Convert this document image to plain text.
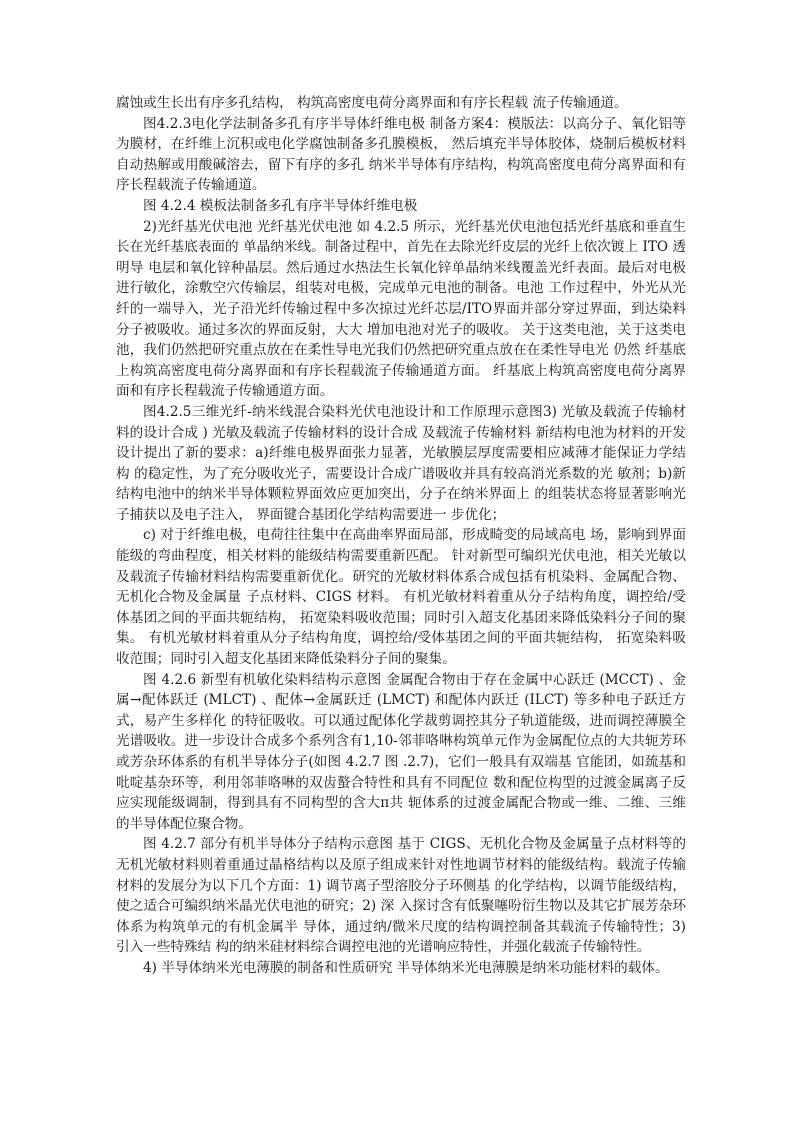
腐蚀或生长出有序多孔结构， 构筑高密度电荷分离界面和有序长程载 流子传输通道。

图4.2.3电化学法制备多孔有序半导体纤维电极 制备方案4：模版法：以高分子、氧化铝等为膜材，在纤维上沉积或电化学腐蚀制备多孔膜模板， 然后填充半导体胶体，烧制后模板材料自动热解或用酸碱溶去，留下有序的多孔 纳米半导体有序结构，构筑高密度电荷分离界面和有序长程载流子传输通道。

图 4.2.4 模板法制备多孔有序半导体纤维电极

2)光纤基光伏电池 光纤基光伏电池 如 4.2.5 所示，光纤基光伏电池包括光纤基底和垂直生长在光纤基底表面的 单晶纳米线。制备过程中，首先在去除光纤皮层的光纤上依次镀上 ITO 透明导 电层和氧化锌种晶层。然后通过水热法生长氧化锌单晶纳米线覆盖光纤表面。最后对电极进行敏化，涂敷空穴传输层，组装对电极，完成单元电池的制备。电池 工作过程中，外光从光纤的一端导入，光子沿光纤传输过程中多次掠过光纤芯层/ITO界面并部分穿过界面，到达染料分子被吸收。通过多次的界面反射，大大 增加电池对光子的吸收。 关于这类电池，关于这类电池，我们仍然把研究重点放在在柔性导电光我们仍然把研究重点放在在柔性导电光 仍然 纤基底上构筑高密度电荷分离界面和有序长程载流子传输通道方面。 纤基底上构筑高密度电荷分离界面和有序长程载流子传输通道方面。

图4.2.5三维光纤-纳米线混合染料光伏电池设计和工作原理示意图3) 光敏及载流子传输材料的设计合成 ) 光敏及载流子传输材料的设计合成 及载流子传输材料 新结构电池为材料的开发设计提出了新的要求：a)纤维电极界面张力显著，光敏膜层厚度需要相应减薄才能保证力学结构 的稳定性，为了充分吸收光子，需要设计合成广谱吸收并具有较高消光系数的光 敏剂；b)新结构电池中的纳米半导体颗粒界面效应更加突出，分子在纳米界面上 的组装状态将显著影响光子捕获以及电子注入， 界面键合基团化学结构需要进一 步优化；

c) 对于纤维电极，电荷往往集中在高曲率界面局部，形成畸变的局域高电 场，影响到界面能级的弯曲程度，相关材料的能级结构需要重新匹配。 针对新型可编织光伏电池，相关光敏以及载流子传输材料结构需要重新优化。研究的光敏材料体系合成包括有机染料、金属配合物、无机化合物及金属量 子点材料、CIGS 材料。 有机光敏材料着重从分子结构角度，调控给/受体基团之间的平面共轭结构， 拓宽染料吸收范围；同时引入超支化基团来降低染料分子间的聚集。 有机光敏材料着重从分子结构角度，调控给/受体基团之间的平面共轭结构， 拓宽染料吸收范围；同时引入超支化基团来降低染料分子间的聚集。

图 4.2.6 新型有机敏化染料结构示意图 金属配合物由于存在金属中心跃迁 (MCCT) 、金属→配体跃迁 (MLCT) 、配体→金属跃迁 (LMCT) 和配体内跃迁 (ILCT) 等多种电子跃迁方式，易产生多样化 的特征吸收。可以通过配体化学裁剪调控其分子轨道能级，进而调控薄膜全光谱吸收。进一步设计合成多个系列含有1,10-邻菲咯啉构筑单元作为金属配位点的大共轭芳环或芳杂环体系的有机半导体分子(如图 4.2.7 图 .2.7)，它们一般具有双端基 官能团，如巯基和吡啶基杂环等，利用邻菲咯啉的双齿螯合特性和具有不同配位 数和配位构型的过渡金属离子反应实现能级调制，得到具有不同构型的含大π共 轭体系的过渡金属配合物或一维、二维、三维的半导体配位聚合物。

图 4.2.7 部分有机半导体分子结构示意图 基于 CIGS、无机化合物及金属量子点材料等的无机光敏材料则着重通过晶格结构以及原子组成来针对性地调节材料的能级结构。载流子传输材料的发展分为以下几个方面：1) 调节离子型溶胶分子环侧基 的化学结构，以调节能级结构，使之适合可编织纳米晶光伏电池的研究；2) 深 入探讨含有低聚噻吩衍生物以及其它扩展芳杂环体系为构筑单元的有机金属半 导体，通过纳/微米尺度的结构调控制备其载流子传输特性；3) 引入一些特殊结 构的纳米硅材料综合调控电池的光谱响应特性，并强化载流子传输特性。

4) 半导体纳米光电薄膜的制备和性质研究 半导体纳米光电薄膜是纳米功能材料的载体。
